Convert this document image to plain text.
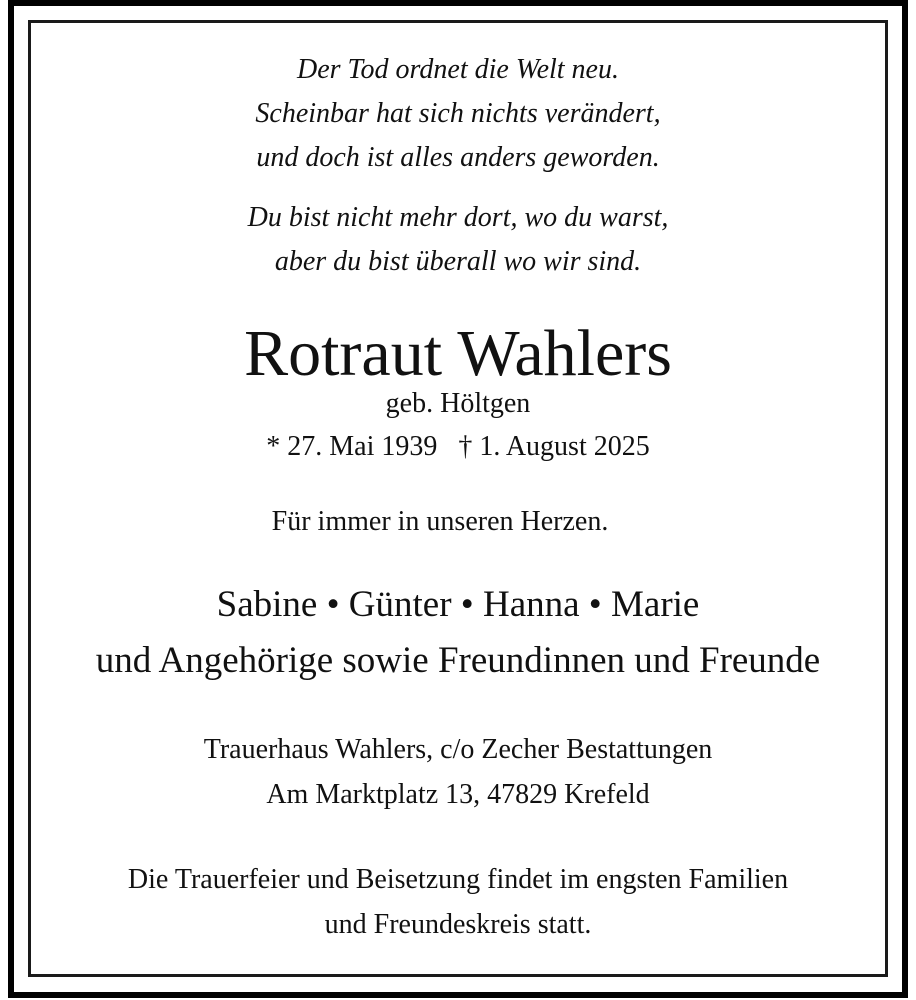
Der Tod ordnet die Welt neu.
Scheinbar hat sich nichts verändert,
und doch ist alles anders geworden.
Du bist nicht mehr dort, wo du warst,
aber du bist überall wo wir sind.
Rotraut Wahlers
geb. Höltgen
* 27. Mai 1939   † 1. August 2025
Für immer in unseren Herzen.
Sabine • Günter • Hanna • Marie
und Angehörige sowie Freundinnen und Freunde
Trauerhaus Wahlers, c/o Zecher Bestattungen
Am Marktplatz 13, 47829 Krefeld
Die Trauerfeier und Beisetzung findet im engsten Familien
und Freundeskreis statt.
